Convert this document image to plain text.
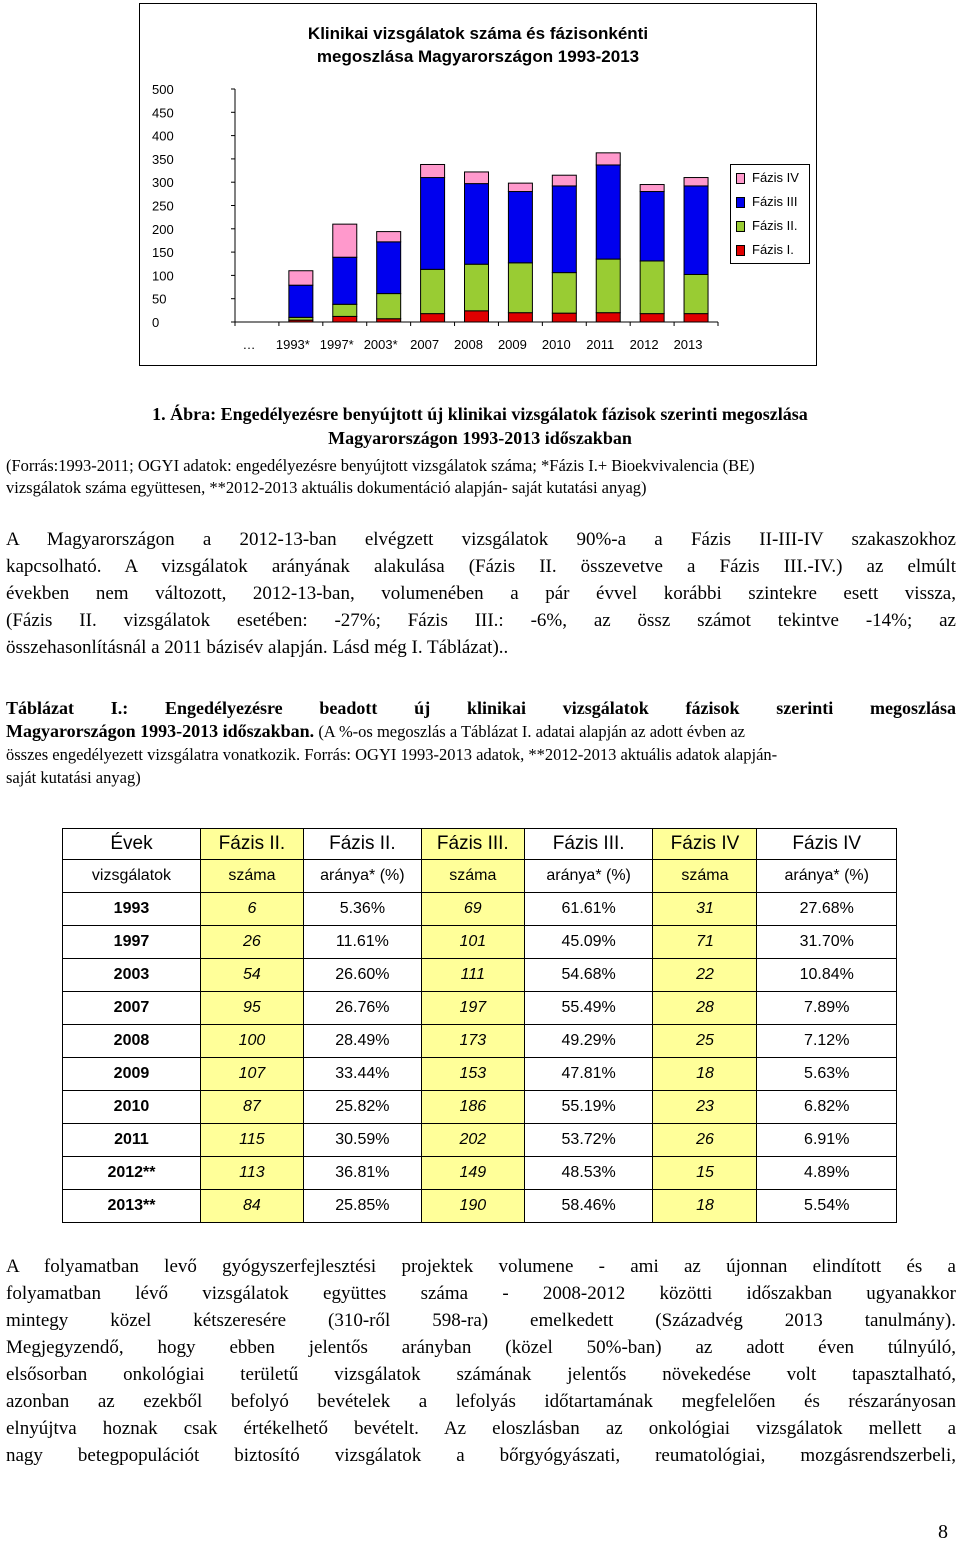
Klinikai vizsgálatok száma és fázisonkénti megoszlása Magyarországon 1993-2013
500
450
400
350
300
250
200
150
100
50
0
… 1993* 1997* 2003* 2007 2008 2009 2010 2011 2012 2013
Fázis IV
Fázis III
Fázis II.
Fázis I.
1. Ábra: Engedélyezésre benyújtott új klinikai vizsgálatok fázisok szerinti megoszlása
Magyarországon 1993-2013 időszakban
(Forrás:1993-2011; OGYI adatok: engedélyezésre benyújtott vizsgálatok száma; *Fázis I.+ Bioekvivalencia (BE)
vizsgálatok száma együttesen, **2012-2013 aktuális dokumentáció alapján- saját kutatási anyag)
A Magyarországon a 2012-13-ban elvégzett vizsgálatok 90%-a a Fázis II-III-IV szakaszokhoz
kapcsolható. A vizsgálatok arányának alakulása (Fázis II. összevetve a Fázis III.-IV.) az elmúlt
években nem változott, 2012-13-ban, volumenében a pár évvel korábbi szintekre esett vissza,
(Fázis II. vizsgálatok esetében: -27%; Fázis III.: -6%, az össz számot tekintve -14%; az
összehasonlításnál a 2011 bázisév alapján. Lásd még I. Táblázat)..
Táblázat I.: Engedélyezésre beadott új klinikai vizsgálatok fázisok szerinti megoszlása
Magyarországon 1993-2013 időszakban. (A %-os megoszlás a Táblázat I. adatai alapján az adott évben az
összes engedélyezett vizsgálatra vonatkozik. Forrás: OGYI 1993-2013 adatok, **2012-2013 aktuális adatok alapján-
saját kutatási anyag)
Évek	Fázis II.	Fázis II.	Fázis III.	Fázis III.	Fázis IV	Fázis IV
vizsgálatok	száma	aránya* (%)	száma	aránya* (%)	száma	aránya* (%)
1993	6	5.36%	69	61.61%	31	27.68%
1997	26	11.61%	101	45.09%	71	31.70%
2003	54	26.60%	111	54.68%	22	10.84%
2007	95	26.76%	197	55.49%	28	7.89%
2008	100	28.49%	173	49.29%	25	7.12%
2009	107	33.44%	153	47.81%	18	5.63%
2010	87	25.82%	186	55.19%	23	6.82%
2011	115	30.59%	202	53.72%	26	6.91%
2012**	113	36.81%	149	48.53%	15	4.89%
2013**	84	25.85%	190	58.46%	18	5.54%
A folyamatban levő gyógyszerfejlesztési projektek volumene - ami az újonnan elindított és a
folyamatban lévő vizsgálatok együttes száma - 2008-2012 közötti időszakban ugyanakkor
mintegy közel kétszeresére (310-ről 598-ra) emelkedett (Századvég 2013 tanulmány).
Megjegyzendő, hogy ebben jelentős arányban (közel 50%-ban) az adott éven túlnyúló,
elsősorban onkológiai területű vizsgálatok számának jelentős növekedése volt tapasztalható,
azonban az ezekből befolyó bevételek a lefolyás időtartamának megfelelően és részarányosan
elnyújtva hoznak csak értékelhető bevételt. Az eloszlásban az onkológiai vizsgálatok mellett a
nagy betegpopulációt biztosító vizsgálatok a bőrgyógyászati, reumatológiai, mozgásrendszerbeli,
8
